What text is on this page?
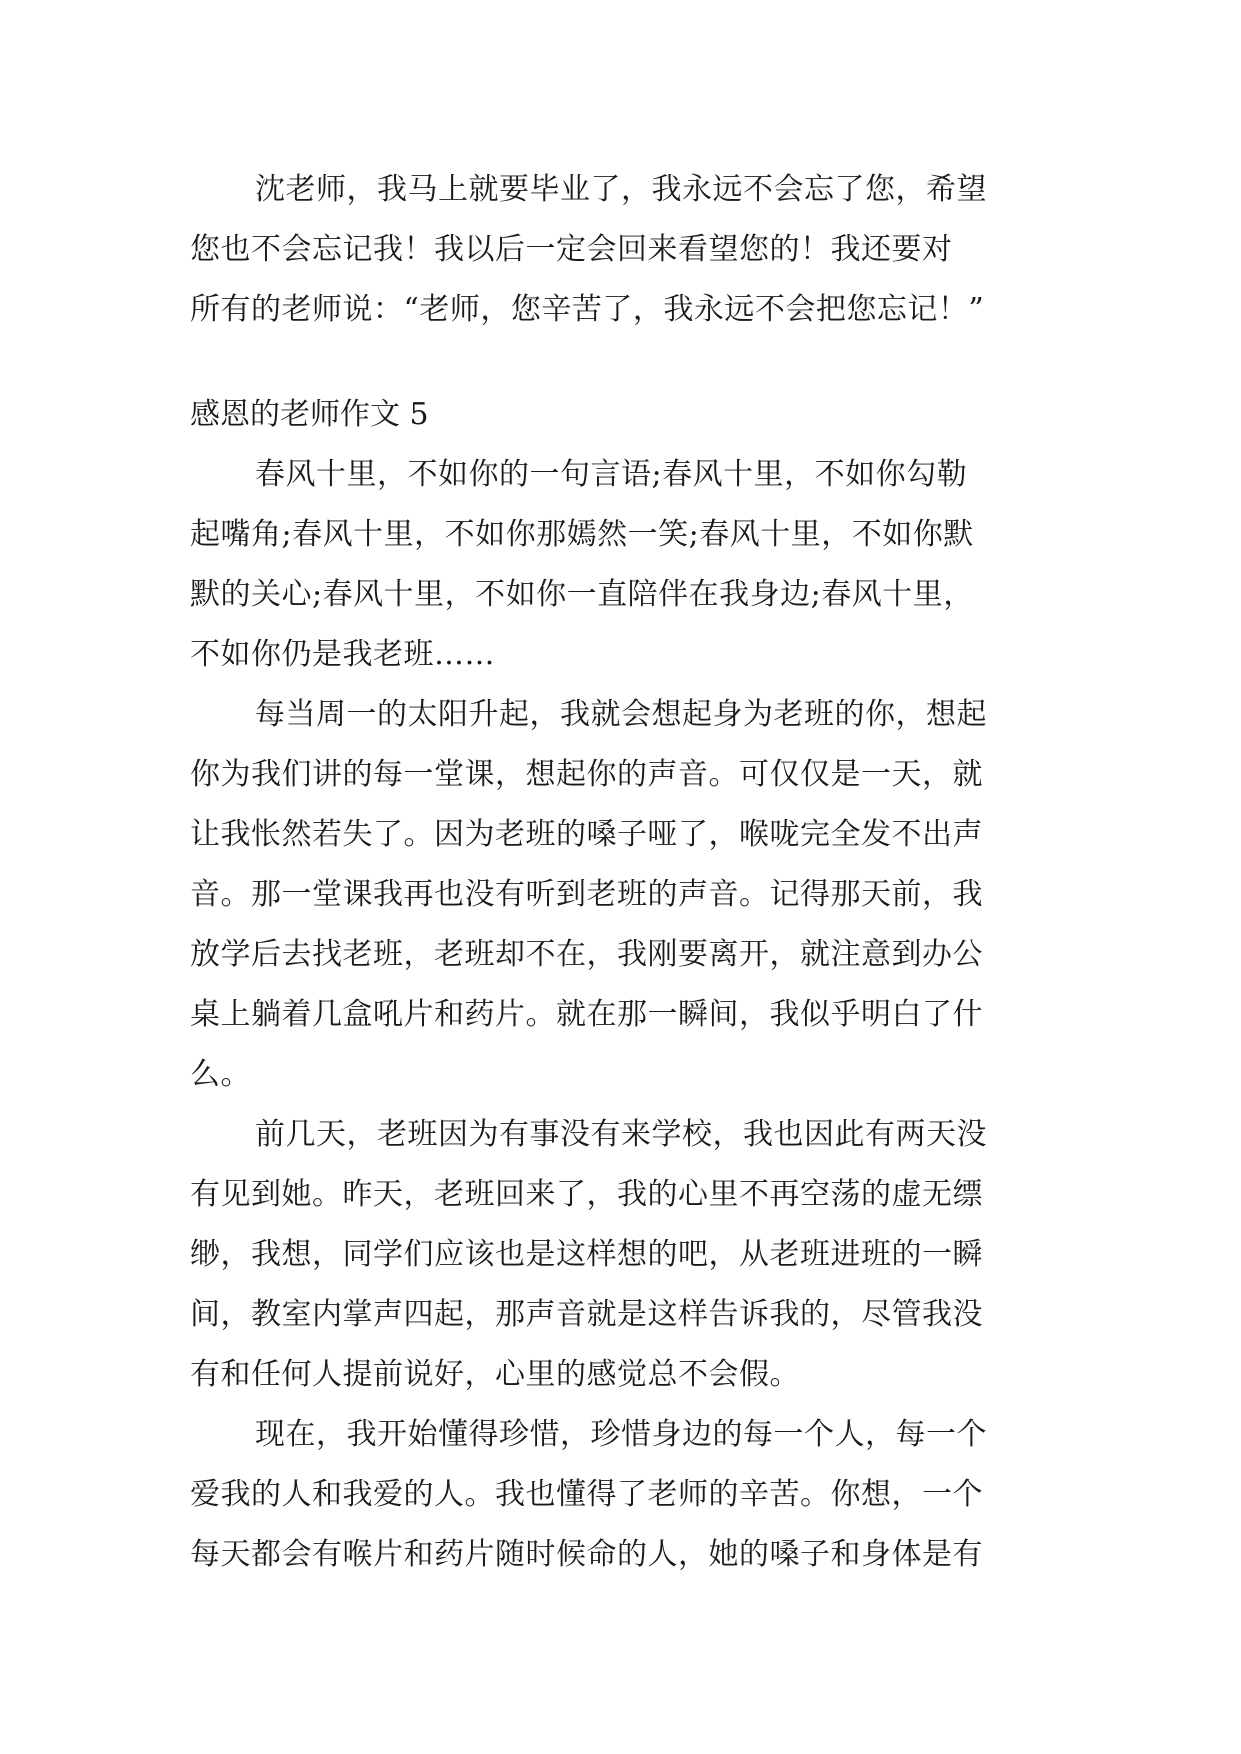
沈老师，我马上就要毕业了，我永远不会忘了您，希望
您也不会忘记我！我以后一定会回来看望您的！我还要对
所有的老师说：“老师，您辛苦了，我永远不会把您忘记！”
感恩的老师作文 5
春风十里，不如你的一句言语;春风十里，不如你勾勒
起嘴角;春风十里，不如你那嫣然一笑;春风十里，不如你默
默的关心;春风十里，不如你一直陪伴在我身边;春风十里，
不如你仍是我老班……
每当周一的太阳升起，我就会想起身为老班的你，想起
你为我们讲的每一堂课，想起你的声音。可仅仅是一天，就
让我怅然若失了。因为老班的嗓子哑了，喉咙完全发不出声
音。那一堂课我再也没有听到老班的声音。记得那天前，我
放学后去找老班，老班却不在，我刚要离开，就注意到办公
桌上躺着几盒吼片和药片。就在那一瞬间，我似乎明白了什
么。
前几天，老班因为有事没有来学校，我也因此有两天没
有见到她。昨天，老班回来了，我的心里不再空荡的虚无缥
缈，我想，同学们应该也是这样想的吧，从老班进班的一瞬
间，教室内掌声四起，那声音就是这样告诉我的，尽管我没
有和任何人提前说好，心里的感觉总不会假。
现在，我开始懂得珍惜，珍惜身边的每一个人，每一个
爱我的人和我爱的人。我也懂得了老师的辛苦。你想，一个
每天都会有喉片和药片随时候命的人，她的嗓子和身体是有
